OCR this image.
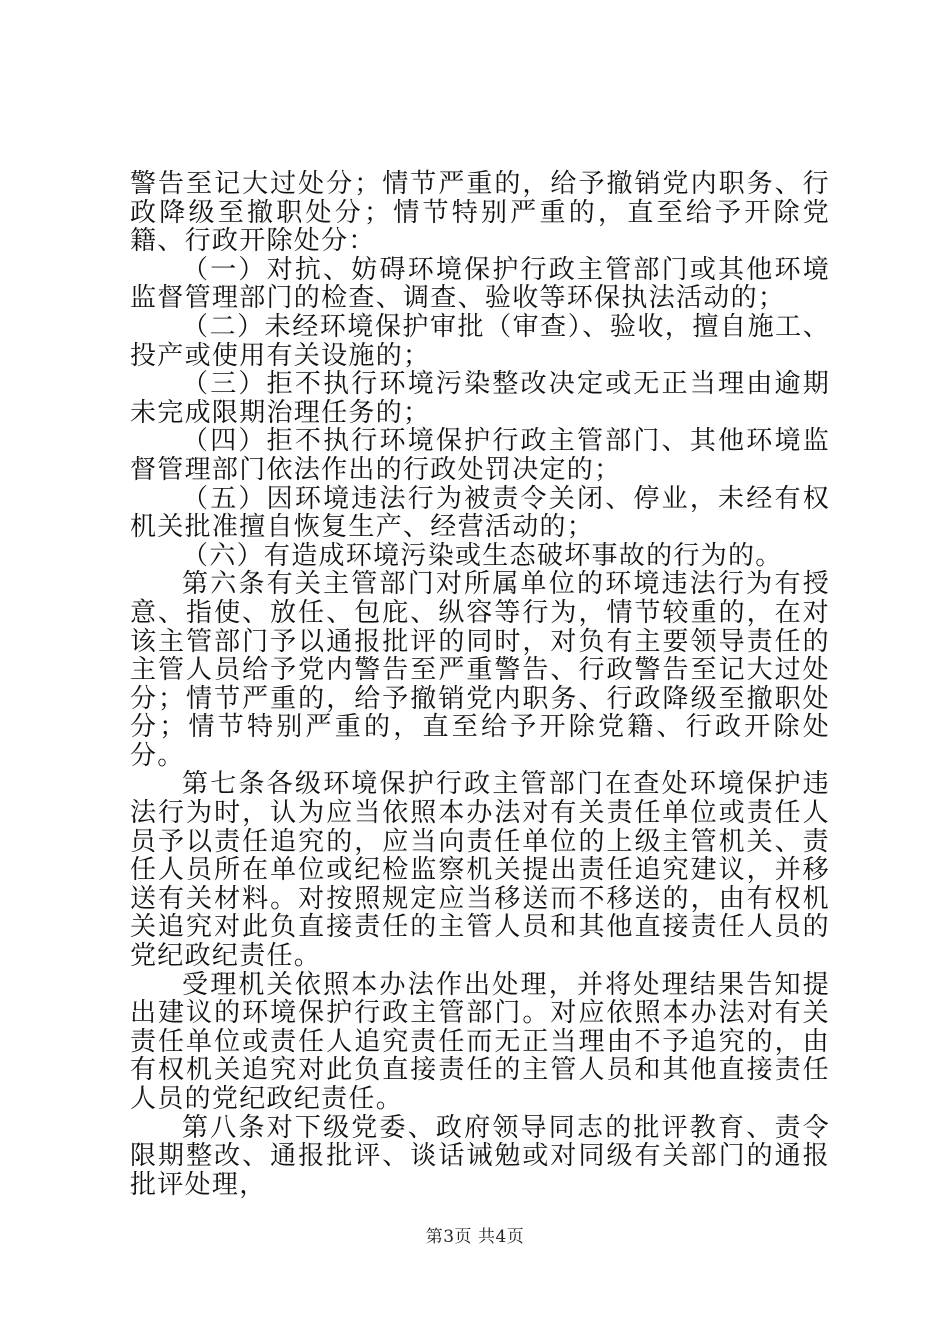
警告至记大过处分；情节严重的，给予撤销党内职务、行政降级至撤职处分；情节特别严重的，直至给予开除党籍、行政开除处分：

（一）对抗、妨碍环境保护行政主管部门或其他环境监督管理部门的检查、调查、验收等环保执法活动的；

（二）未经环境保护审批（审查）、验收，擅自施工、投产或使用有关设施的；

（三）拒不执行环境污染整改决定或无正当理由逾期未完成限期治理任务的；

（四）拒不执行环境保护行政主管部门、其他环境监督管理部门依法作出的行政处罚决定的；

（五）因环境违法行为被责令关闭、停业，未经有权机关批准擅自恢复生产、经营活动的；

（六）有造成环境污染或生态破坏事故的行为的。

第六条有关主管部门对所属单位的环境违法行为有授意、指使、放任、包庇、纵容等行为，情节较重的，在对该主管部门予以通报批评的同时，对负有主要领导责任的主管人员给予党内警告至严重警告、行政警告至记大过处分；情节严重的，给予撤销党内职务、行政降级至撤职处分；情节特别严重的，直至给予开除党籍、行政开除处分。

第七条各级环境保护行政主管部门在查处环境保护违法行为时，认为应当依照本办法对有关责任单位或责任人员予以责任追究的，应当向责任单位的上级主管机关、责任人员所在单位或纪检监察机关提出责任追究建议，并移送有关材料。对按照规定应当移送而不移送的，由有权机关追究对此负直接责任的主管人员和其他直接责任人员的党纪政纪责任。

受理机关依照本办法作出处理，并将处理结果告知提出建议的环境保护行政主管部门。对应依照本办法对有关责任单位或责任人追究责任而无正当理由不予追究的，由有权机关追究对此负直接责任的主管人员和其他直接责任人员的党纪政纪责任。

第八条对下级党委、政府领导同志的批评教育、责令限期整改、通报批评、谈话诫勉或对同级有关部门的通报批评处理，

第3页 共4页
